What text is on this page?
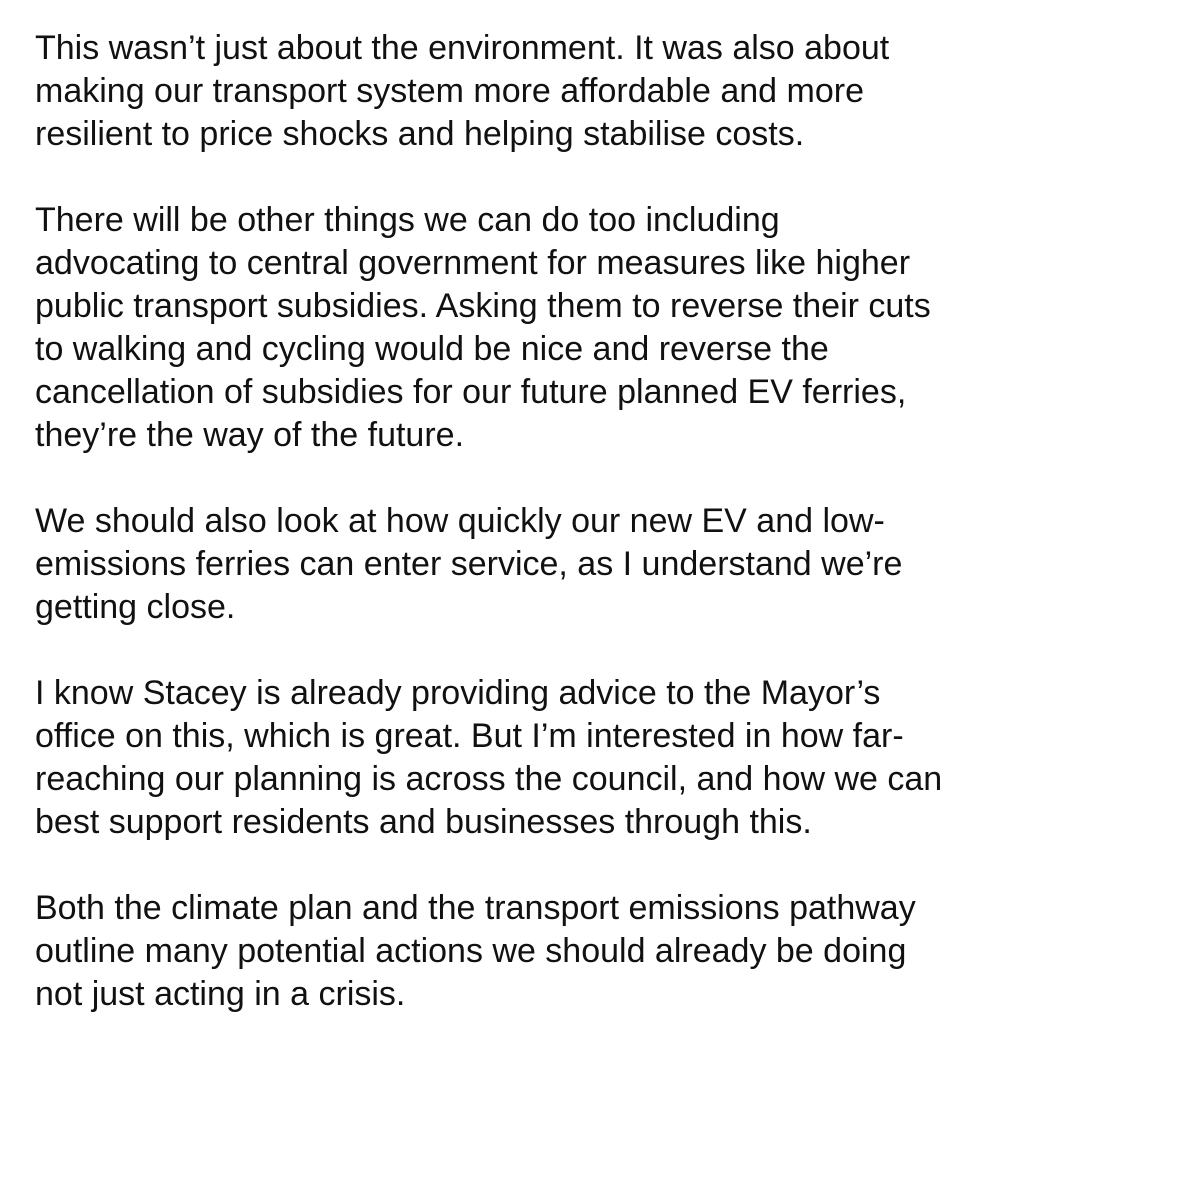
This wasn’t just about the environment. It was also about
making our transport system more affordable and more
resilient to price shocks and helping stabilise costs.

There will be other things we can do too including
advocating to central government for measures like higher
public transport subsidies. Asking them to reverse their cuts
to walking and cycling would be nice and reverse the
cancellation of subsidies for our future planned EV ferries,
they’re the way of the future.

We should also look at how quickly our new EV and low-
emissions ferries can enter service, as I understand we’re
getting close.

I know Stacey is already providing advice to the Mayor’s
office on this, which is great. But I’m interested in how far-
reaching our planning is across the council, and how we can
best support residents and businesses through this.

Both the climate plan and the transport emissions pathway
outline many potential actions we should already be doing
not just acting in a crisis.
